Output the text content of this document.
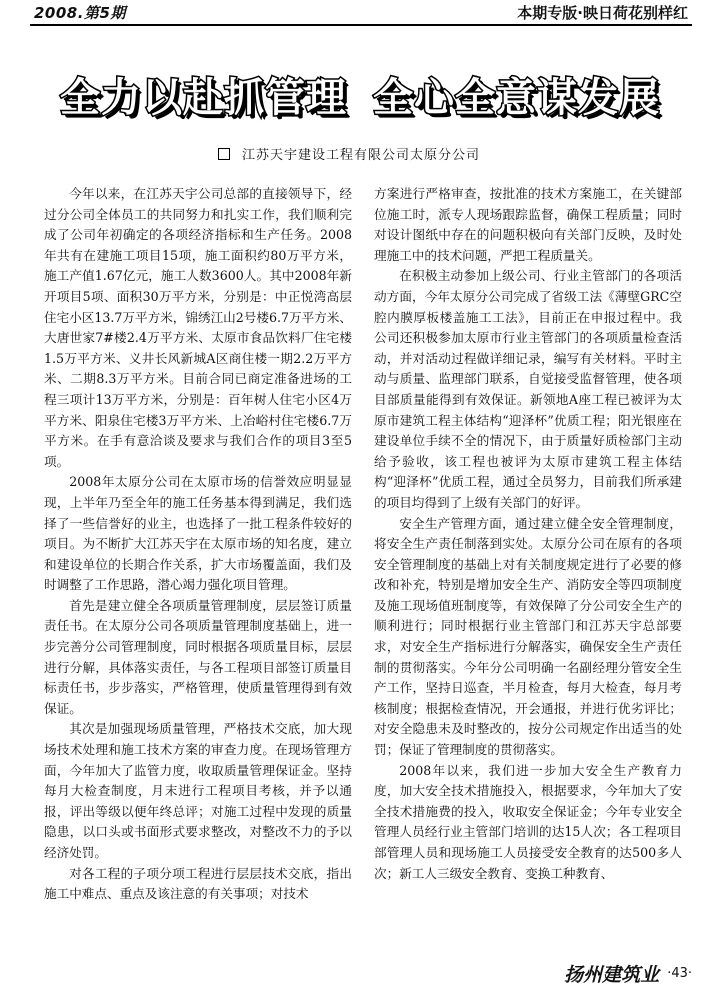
2008.第5期	本期专版·映日荷花别样红
全力以赴抓管理 全心全意谋发展
江苏天宇建设工程有限公司太原分公司

今年以来，在江苏天宇公司总部的直接领导下，经过分公司全体员工的共同努力和扎实工作，我们顺利完成了公司年初确定的各项经济指标和生产任务。2008年共有在建施工项目15项，施工面积约80万平方米，施工产值1.67亿元，施工人数3600人。其中2008年新开项目5项、面积30万平方米，分别是：中正悦湾高层住宅小区13.7万平方米，锦绣江山2号楼6.7万平方米、大唐世家7#楼2.4万平方米、太原市食品饮料厂住宅楼1.5万平方米、义井长风新城A区商住楼一期2.2万平方米、二期8.3万平方米。目前合同已商定准备进场的工程三项计13万平方米，分别是：百年树人住宅小区4万平方米、阳泉住宅楼3万平方米、上冶峪村住宅楼6.7万平方米。在手有意洽谈及要求与我们合作的项目3至5项。

2008年太原分公司在太原市场的信誉效应明显显现，上半年乃至全年的施工任务基本得到满足，我们选择了一些信誉好的业主，也选择了一批工程条件较好的项目。为不断扩大江苏天宇在太原市场的知名度，建立和建设单位的长期合作关系，扩大市场覆盖面，我们及时调整了工作思路，潜心竭力强化项目管理。

首先是建立健全各项质量管理制度，层层签订质量责任书。在太原分公司各项质量管理制度基础上，进一步完善分公司管理制度，同时根据各项质量目标，层层进行分解，具体落实责任，与各工程项目部签订质量目标责任书，步步落实，严格管理，使质量管理得到有效保证。

其次是加强现场质量管理，严格技术交底，加大现场技术处理和施工技术方案的审查力度。在现场管理方面，今年加大了监管力度，收取质量管理保证金。坚持每月大检查制度，月末进行工程项目考核，并予以通报，评出等级以便年终总评；对施工过程中发现的质量隐患，以口头或书面形式要求整改，对整改不力的予以经济处罚。

对各工程的子项分项工程进行层层技术交底，指出施工中难点、重点及该注意的有关事项；对技术

方案进行严格审查，按批准的技术方案施工，在关键部位施工时，派专人现场跟踪监督，确保工程质量；同时对设计图纸中存在的问题积极向有关部门反映，及时处理施工中的技术问题，严把工程质量关。

在积极主动参加上级公司、行业主管部门的各项活动方面，今年太原分公司完成了省级工法《薄壁GRC空腔内膜厚板楼盖施工工法》，目前正在申报过程中。我公司还积极参加太原市行业主管部门的各项质量检查活动，并对活动过程做详细记录，编写有关材料。平时主动与质量、监理部门联系，自觉接受监督管理，使各项目部质量能得到有效保证。新领地A座工程已被评为太原市建筑工程主体结构“迎泽杯”优质工程；阳光银座在建设单位手续不全的情况下，由于质量好质检部门主动给予验收，该工程也被评为太原市建筑工程主体结构“迎泽杯”优质工程，通过全员努力，目前我们所承建的项目均得到了上级有关部门的好评。

安全生产管理方面，通过建立健全安全管理制度，将安全生产责任制落到实处。太原分公司在原有的各项安全管理制度的基础上对有关制度规定进行了必要的修改和补充，特别是增加安全生产、消防安全等四项制度及施工现场值班制度等，有效保障了分公司安全生产的顺利进行；同时根据行业主管部门和江苏天宇总部要求，对安全生产指标进行分解落实，确保安全生产责任制的贯彻落实。今年分公司明确一名副经理分管安全生产工作，坚持日巡查，半月检查，每月大检查，每月考核制度；根据检查情况，开会通报，并进行优劣评比；对安全隐患未及时整改的，按分公司规定作出适当的处罚；保证了管理制度的贯彻落实。

2008年以来，我们进一步加大安全生产教育力度，加大安全技术措施投入，根据要求，今年加大了安全技术措施费的投入，收取安全保证金；今年专业安全管理人员经行业主管部门培训的达15人次；各工程项目部管理人员和现场施工人员接受安全教育的达500多人次；新工人三级安全教育、变换工种教育、

扬州建筑业 ·43·
